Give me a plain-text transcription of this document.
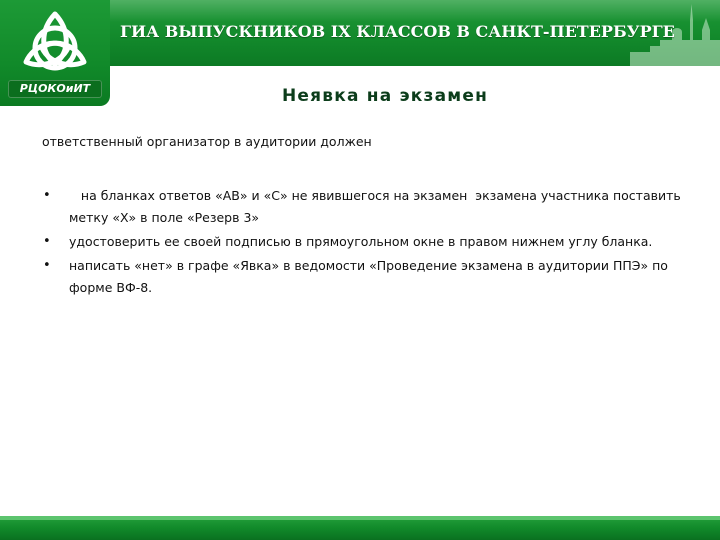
РЦОКОиИТ
ГИА ВЫПУСКНИКОВ IX КЛАССОВ В САНКТ-ПЕТЕРБУРГЕ
Неявка на экзамен
ответственный организатор в аудитории должен
• на бланках ответов «АВ» и «С» не явившегося на экзамен  экзамена участника поставить метку «Х» в поле «Резерв 3»
• удостоверить ее своей подписью в прямоугольном окне в правом нижнем углу бланка.
• написать «нет» в графе «Явка» в ведомости «Проведение экзамена в аудитории ППЭ» по форме ВФ-8.
